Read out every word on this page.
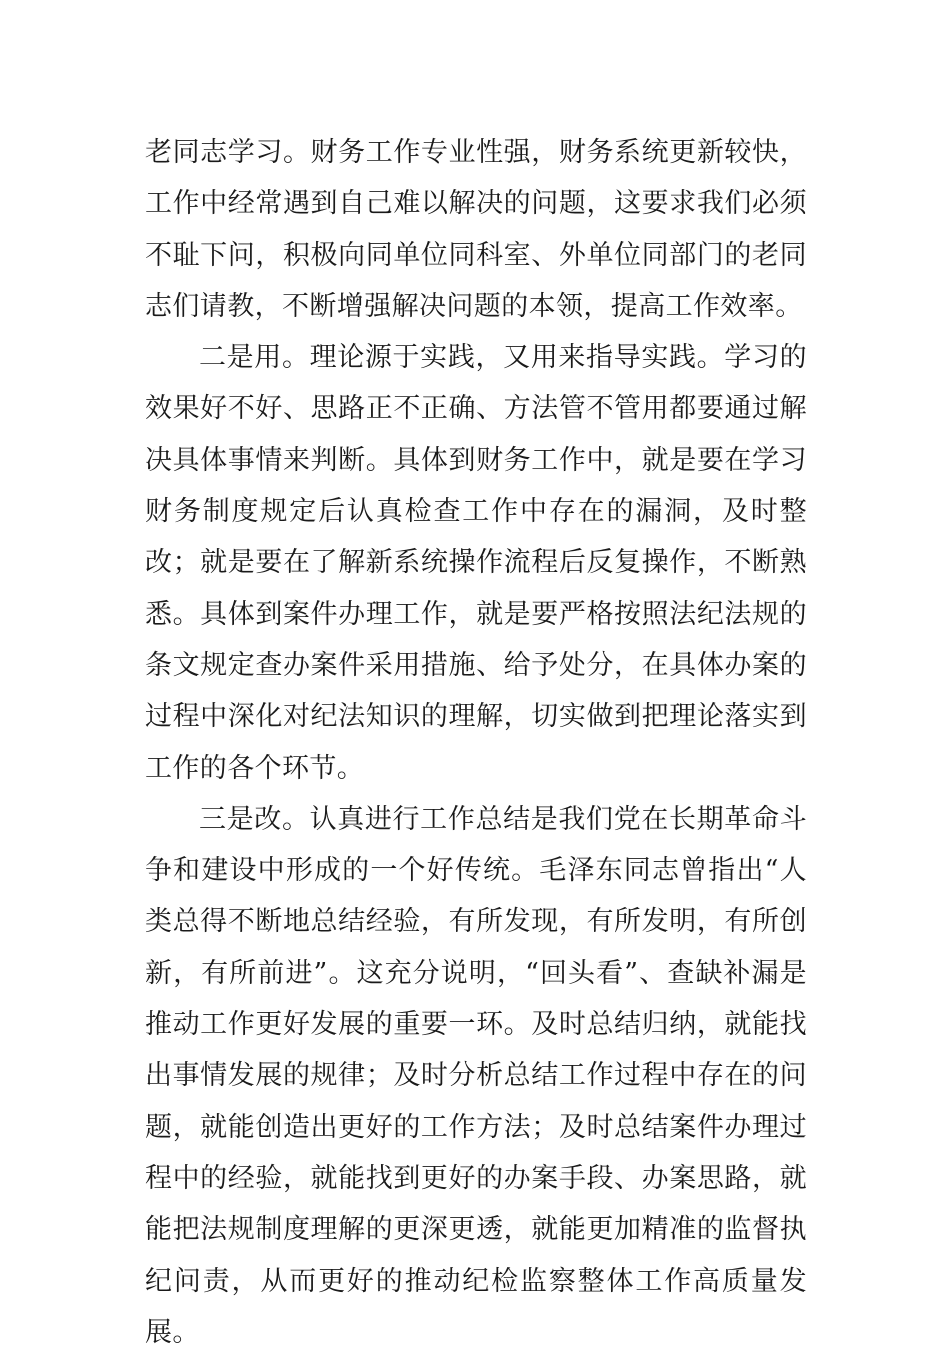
老同志学习。财务工作专业性强，财务系统更新较快，工作中经常遇到自己难以解决的问题，这要求我们必须不耻下问，积极向同单位同科室、外单位同部门的老同志们请教，不断增强解决问题的本领，提高工作效率。

二是用。理论源于实践，又用来指导实践。学习的效果好不好、思路正不正确、方法管不管用都要通过解决具体事情来判断。具体到财务工作中，就是要在学习财务制度规定后认真检查工作中存在的漏洞，及时整改；就是要在了解新系统操作流程后反复操作，不断熟悉。具体到案件办理工作，就是要严格按照法纪法规的条文规定查办案件采用措施、给予处分，在具体办案的过程中深化对纪法知识的理解，切实做到把理论落实到工作的各个环节。

三是改。认真进行工作总结是我们党在长期革命斗争和建设中形成的一个好传统。毛泽东同志曾指出“人类总得不断地总结经验，有所发现，有所发明，有所创新，有所前进”。这充分说明，“回头看”、查缺补漏是推动工作更好发展的重要一环。及时总结归纳，就能找出事情发展的规律；及时分析总结工作过程中存在的问题，就能创造出更好的工作方法；及时总结案件办理过程中的经验，就能找到更好的办案手段、办案思路，就能把法规制度理解的更深更透，就能更加精准的监督执纪问责，从而更好的推动纪检监察整体工作高质量发展。
